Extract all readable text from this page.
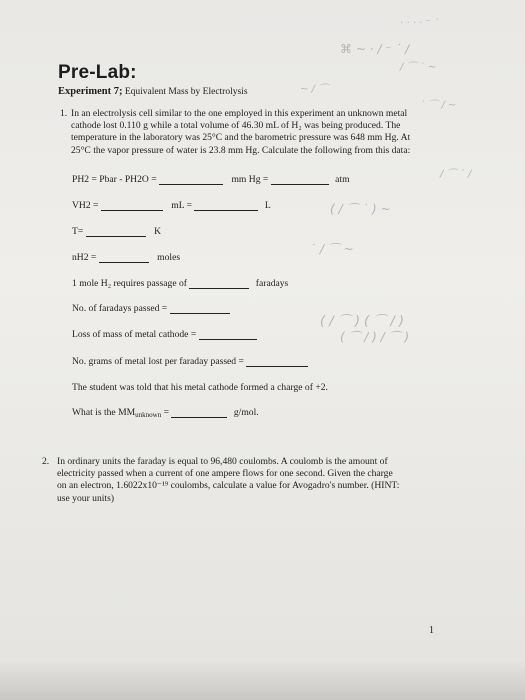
· · · · ⁻ ˙
⌘ ~ · ∕ ⁻ ˙ ∕
∕ ⌒ ˙ ~
~ ∕ ⌒
˙ ⌒ ∕ ~
∕ ⌒ ˙ ∕
( ∕ ⌒ ˙ ) ~
˙ ∕ ⌒ ~
( ∕ ⌒ ) ( ⌒ ∕ )
( ⌒ ∕ ) ∕ ⌒ )
Pre-Lab:
Experiment 7; Equivalent Mass by Electrolysis
1. In an electrolysis cell similar to the one employed in this experiment an unknown metal
cathode lost 0.110 g while a total volume of 46.30 mL of H₂ was being produced. The
temperature in the laboratory was 25°C and the barometric pressure was 648 mm Hg. At
25°C the vapor pressure of water is 23.8 mm Hg. Calculate the following from this data:
PH2 = Pbar - PH2O =	mm Hg =	atm
VH2 =	mL =	L
T=	K
nH2 =	moles
1 mole H₂ requires passage of	faradays
No. of faradays passed =
Loss of mass of metal cathode =
No. grams of metal lost per faraday passed =
The student was told that his metal cathode formed a charge of +2.
What is the $MM_{unknown}$ =	g/mol.
2. In ordinary units the faraday is equal to 96,480 coulombs. A coulomb is the amount of
electricity passed when a current of one ampere flows for one second. Given the charge
on an electron, 1.6022x10⁻¹⁹ coulombs, calculate a value for Avogadro's number. (HINT:
use your units)
1
